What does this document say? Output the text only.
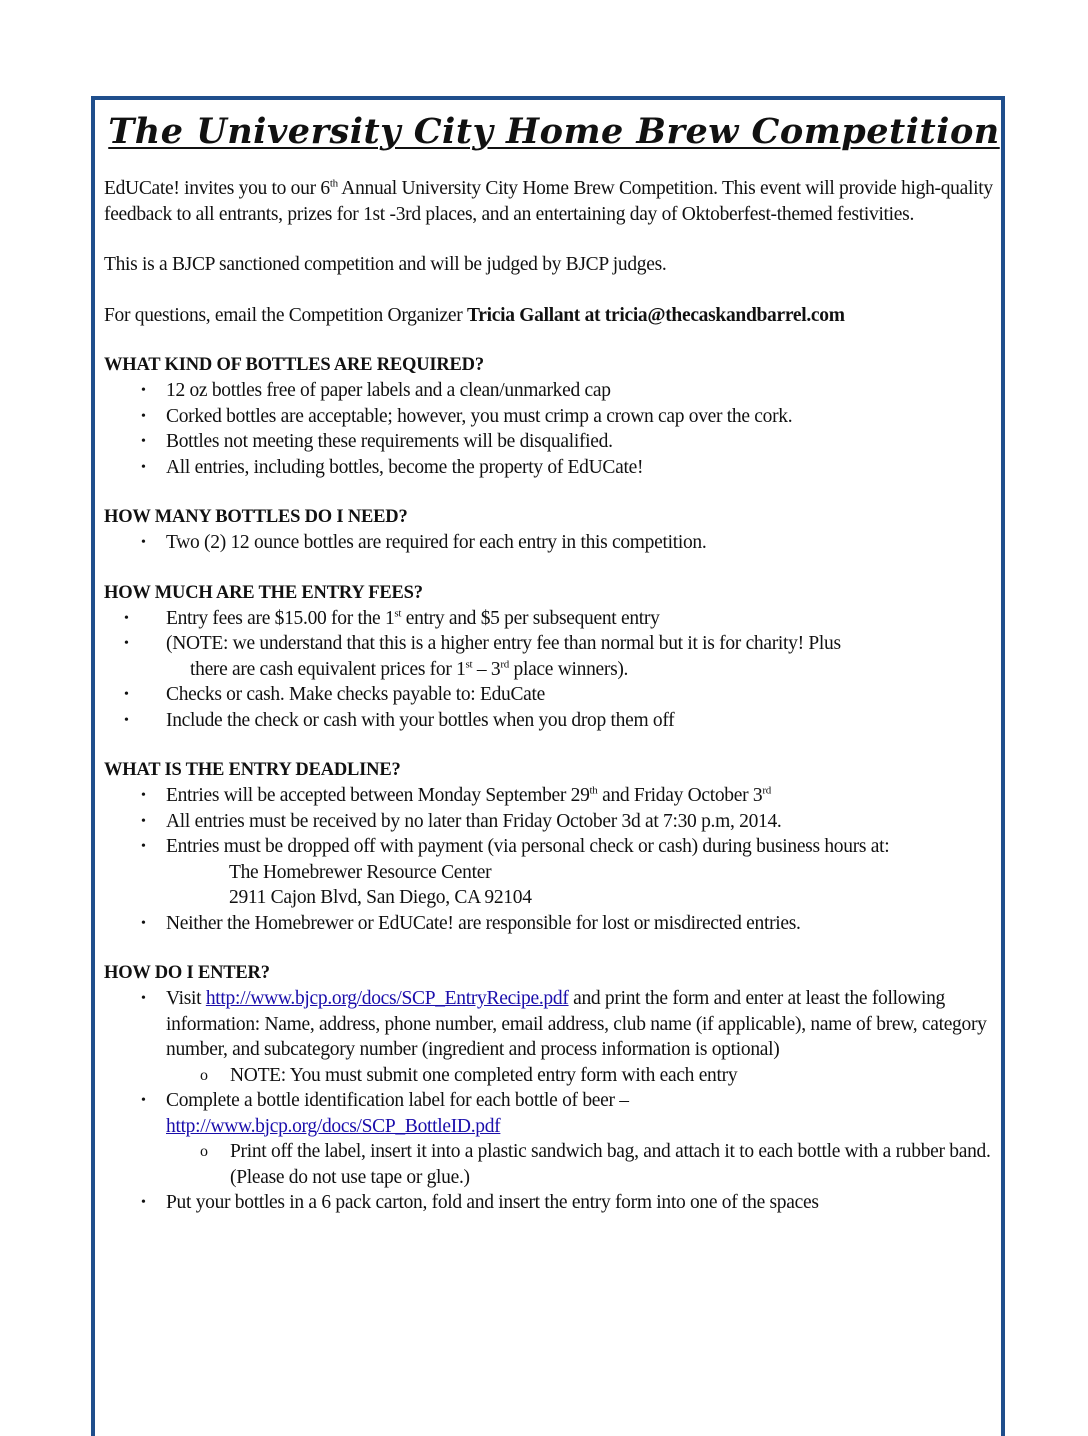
The University City Home Brew Competition

EdUCate! invites you to our 6th Annual University City Home Brew Competition. This event will provide high-quality feedback to all entrants, prizes for 1st -3rd places, and an entertaining day of Oktoberfest-themed festivities.

This is a BJCP sanctioned competition and will be judged by BJCP judges.

For questions, email the Competition Organizer Tricia Gallant at tricia@thecaskandbarrel.com

WHAT KIND OF BOTTLES ARE REQUIRED?
• 12 oz bottles free of paper labels and a clean/unmarked cap
• Corked bottles are acceptable; however, you must crimp a crown cap over the cork.
• Bottles not meeting these requirements will be disqualified.
• All entries, including bottles, become the property of EdUCate!
HOW MANY BOTTLES DO I NEED?
• Two (2) 12 ounce bottles are required for each entry in this competition.
HOW MUCH ARE THE ENTRY FEES?
• Entry fees are $15.00 for the 1st entry and $5 per subsequent entry
• (NOTE: we understand that this is a higher entry fee than normal but it is for charity! Plus
there are cash equivalent prices for 1st – 3rd place winners).
• Checks or cash. Make checks payable to: EduCate
• Include the check or cash with your bottles when you drop them off
WHAT IS THE ENTRY DEADLINE?
• Entries will be accepted between Monday September 29th and Friday October 3rd
• All entries must be received by no later than Friday October 3d at 7:30 p.m, 2014.
• Entries must be dropped off with payment (via personal check or cash) during business hours at:
The Homebrewer Resource Center
2911 Cajon Blvd, San Diego, CA 92104
• Neither the Homebrewer or EdUCate! are responsible for lost or misdirected entries.
HOW DO I ENTER?
• Visit http://www.bjcp.org/docs/SCP_EntryRecipe.pdf and print the form and enter at least the following information: Name, address, phone number, email address, club name (if applicable), name of brew, category number, and subcategory number (ingredient and process information is optional)
o NOTE: You must submit one completed entry form with each entry
• Complete a bottle identification label for each bottle of beer –
http://www.bjcp.org/docs/SCP_BottleID.pdf
o Print off the label, insert it into a plastic sandwich bag, and attach it to each bottle with a rubber band. (Please do not use tape or glue.)
• Put your bottles in a 6 pack carton, fold and insert the entry form into one of the spaces
